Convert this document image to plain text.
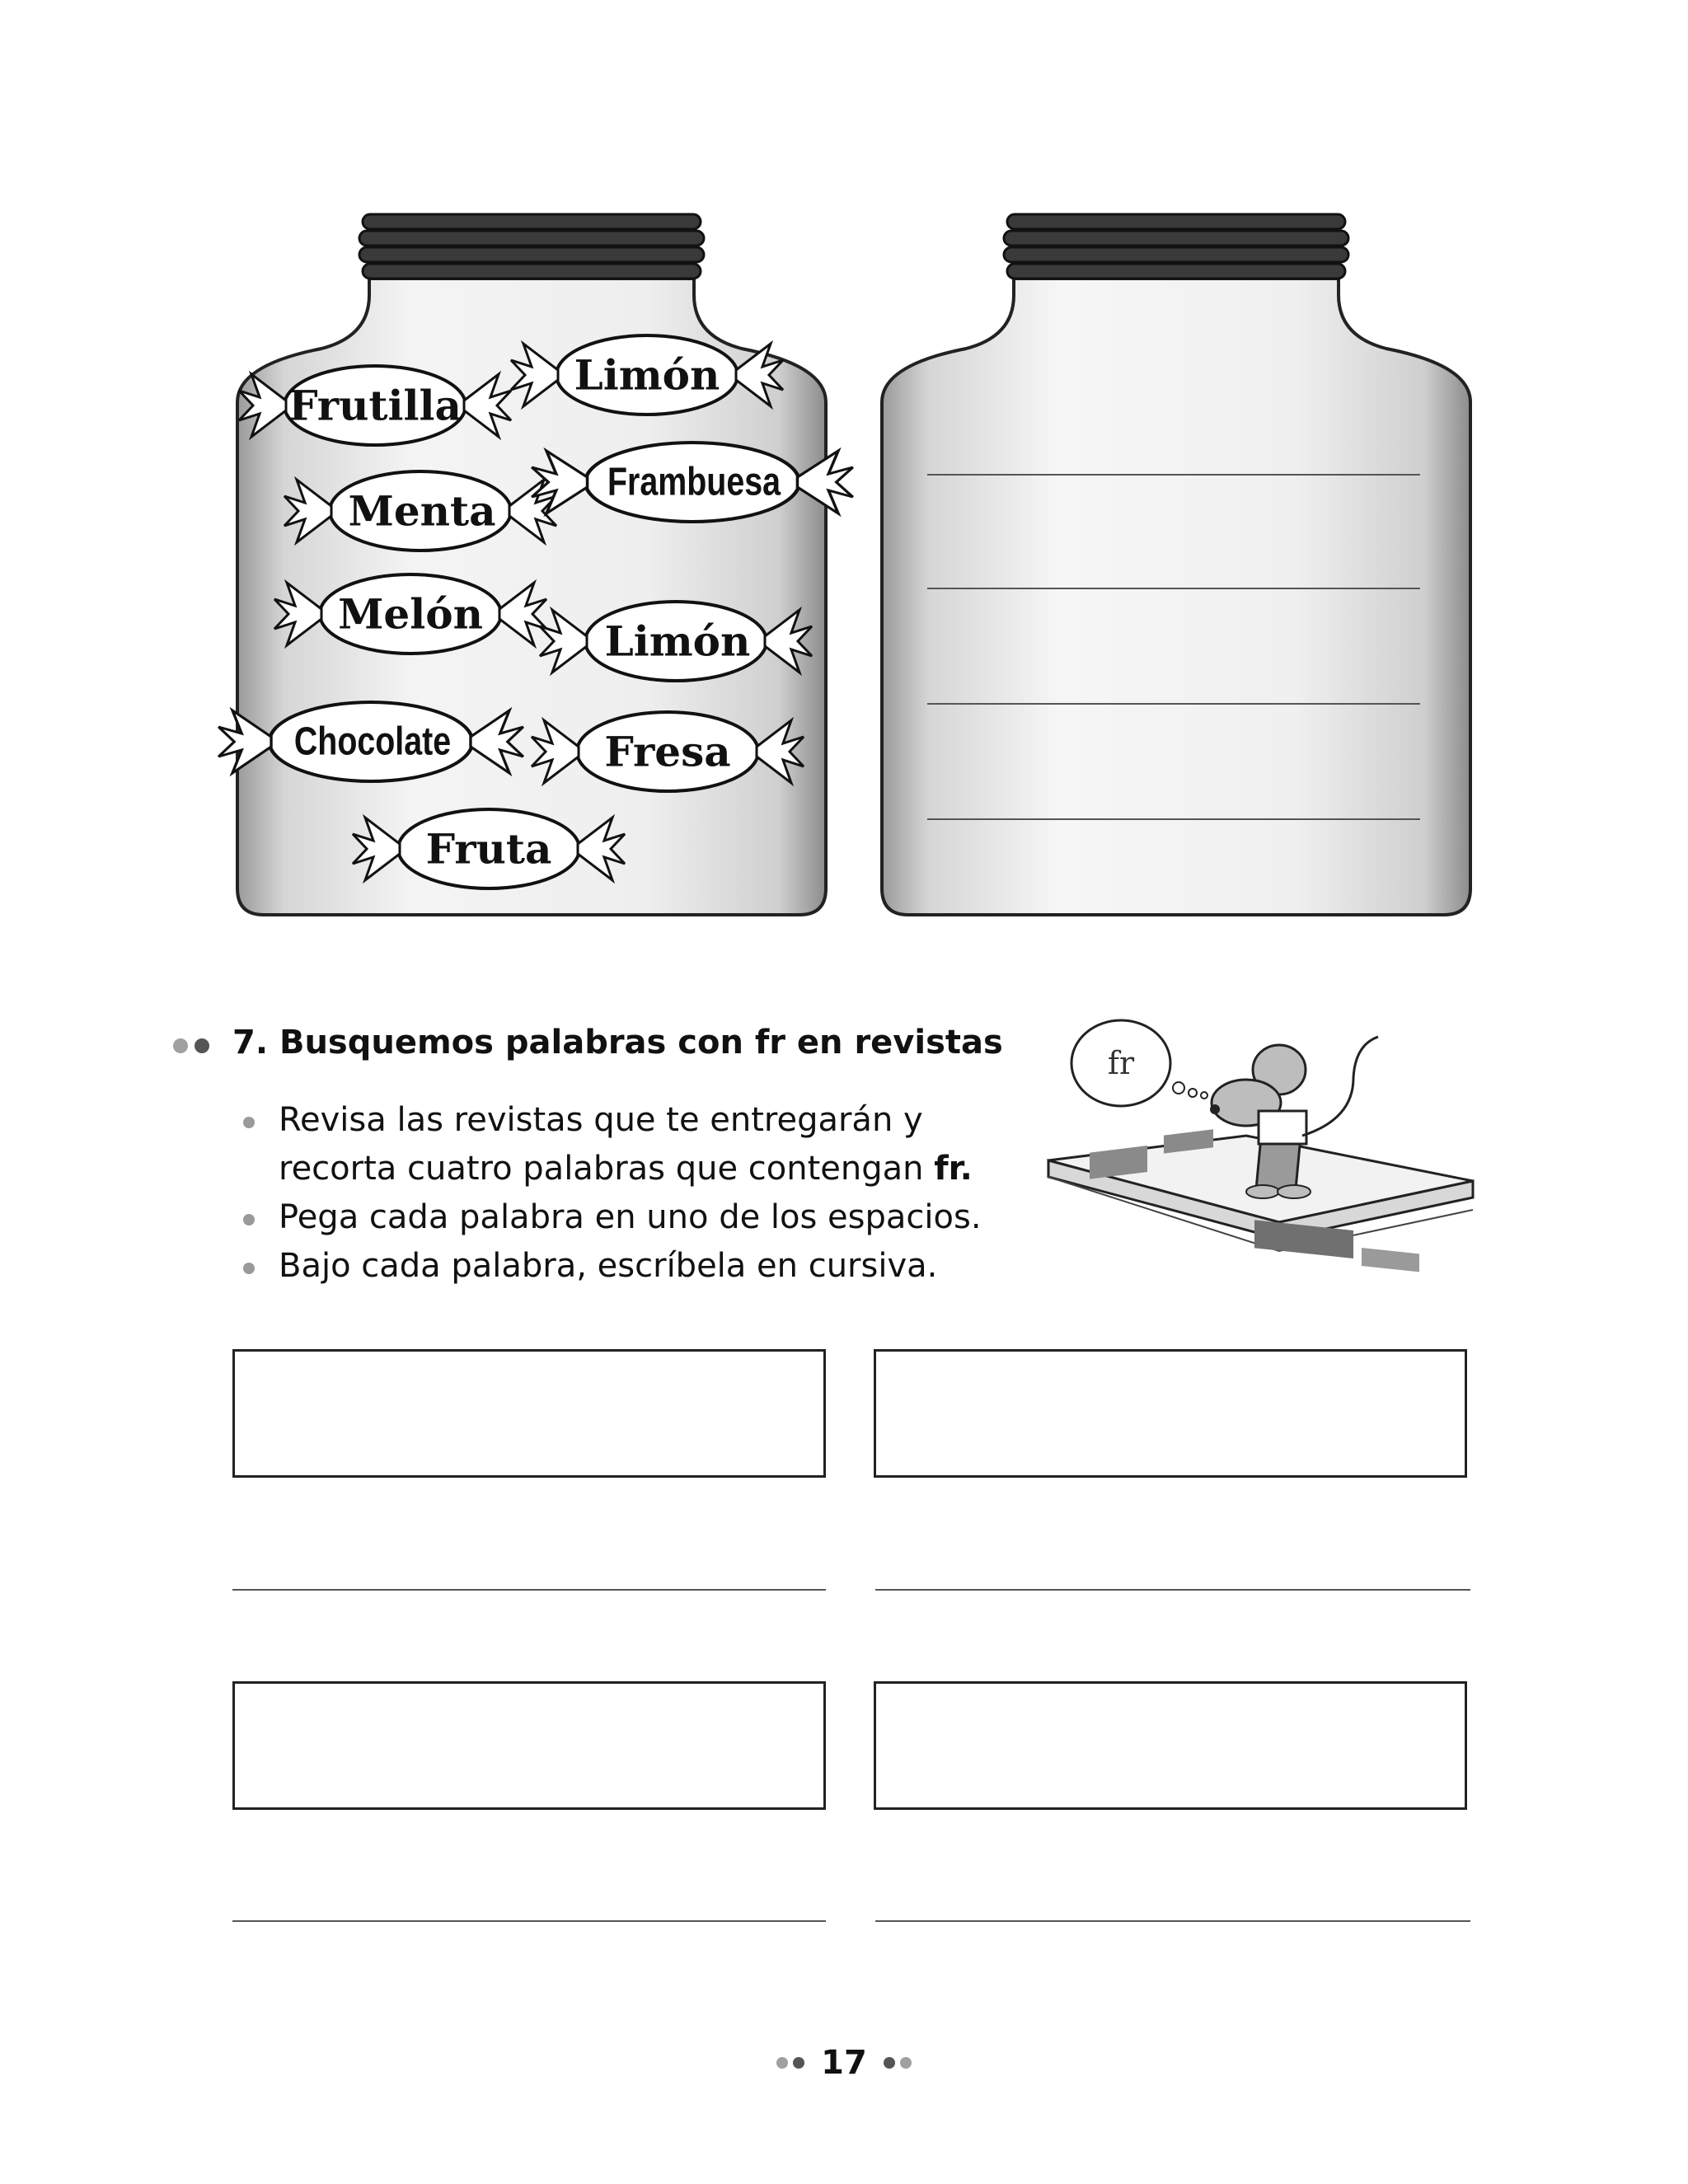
Frutilla
Limón
Menta
Frambuesa
Melón
Limón
Chocolate	Fresa
Fruta
7. Busquemos palabras con fr en revistas
Revisa las revistas que te entregarán y
recorta cuatro palabras que contengan fr.
Pega cada palabra en uno de los espacios.
Bajo cada palabra, escríbela en cursiva.
fr
17
